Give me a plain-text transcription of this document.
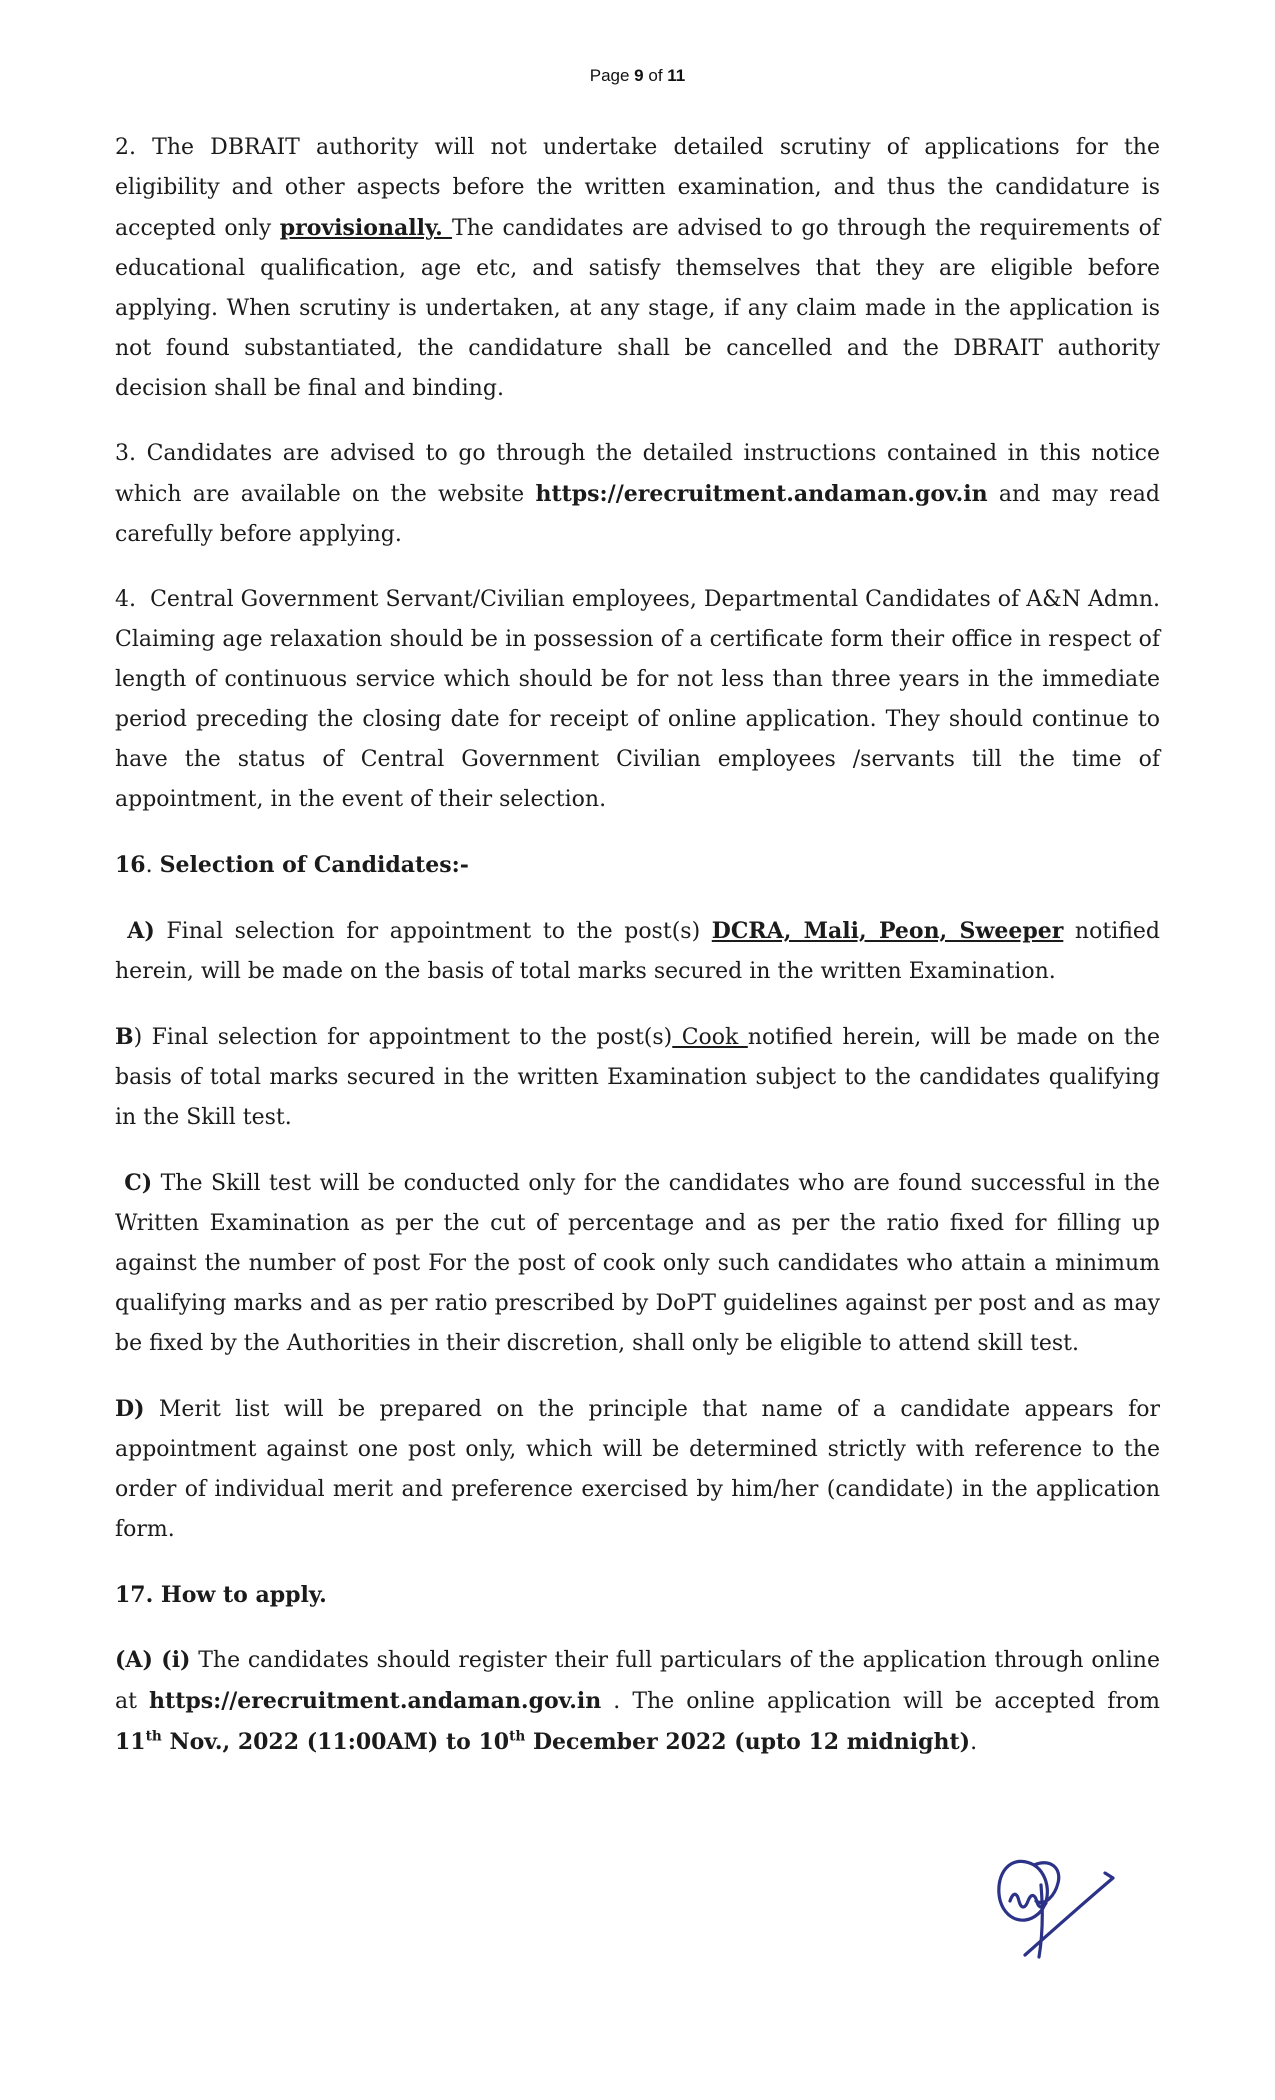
Page 9 of 11

2. The DBRAIT authority will not undertake detailed scrutiny of applications for the eligibility and other aspects before the written examination, and thus the candidature is accepted only provisionally. The candidates are advised to go through the requirements of educational qualification, age etc, and satisfy themselves that they are eligible before applying. When scrutiny is undertaken, at any stage, if any claim made in the application is not found substantiated, the candidature shall be cancelled and the DBRAIT authority decision shall be final and binding.

3. Candidates are advised to go through the detailed instructions contained in this notice which are available on the website https://erecruitment.andaman.gov.in and may read carefully before applying.

4.  Central Government Servant/Civilian employees, Departmental Candidates of A&N Admn. Claiming age relaxation should be in possession of a certificate form their office in respect of length of continuous service which should be for not less than three years in the immediate period preceding the closing date for receipt of online application. They should continue to have the status of Central Government Civilian employees /servants till the time of appointment, in the event of their selection.

16. Selection of Candidates:-

A) Final selection for appointment to the post(s) DCRA, Mali, Peon, Sweeper notified herein, will be made on the basis of total marks secured in the written Examination.

B) Final selection for appointment to the post(s) Cook notified herein, will be made on the basis of total marks secured in the written Examination subject to the candidates qualifying in the Skill test.

C) The Skill test will be conducted only for the candidates who are found successful in the Written Examination as per the cut of percentage and as per the ratio fixed for filling up against the number of post For the post of cook only such candidates who attain a minimum qualifying marks and as per ratio prescribed by DoPT guidelines against per post and as may be fixed by the Authorities in their discretion, shall only be eligible to attend skill test.

D) Merit list will be prepared on the principle that name of a candidate appears for appointment against one post only, which will be determined strictly with reference to the order of individual merit and preference exercised by him/her (candidate) in the application form.

17. How to apply.

(A) (i) The candidates should register their full particulars of the application through online at https://erecruitment.andaman.gov.in . The online application will be accepted from 11th Nov., 2022 (11:00AM) to 10th December 2022 (upto 12 midnight).
